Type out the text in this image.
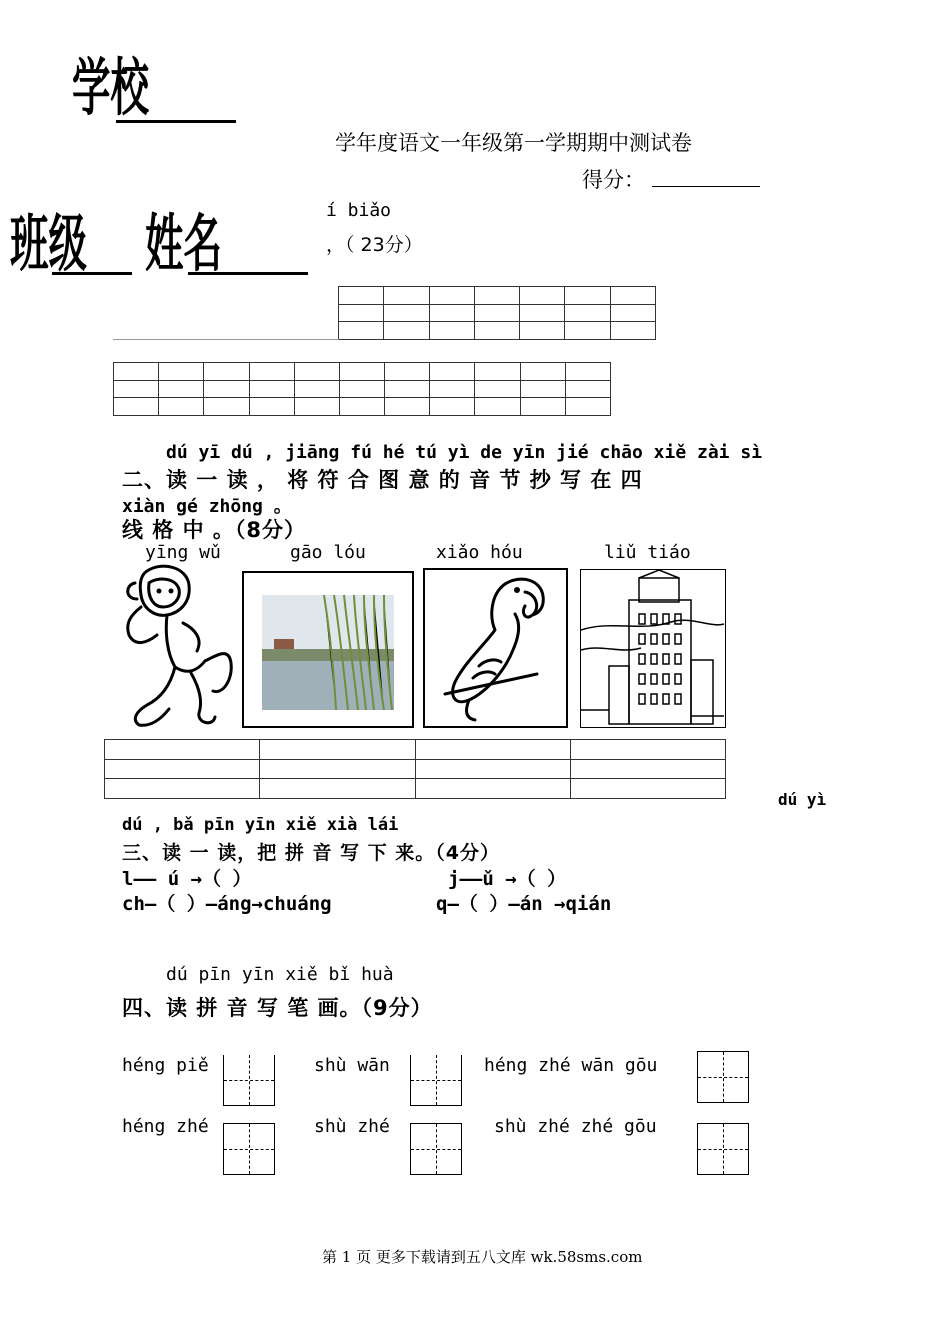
学校
学年度语文一年级第一学期期中测试卷
得分：
班级 姓名	í biǎo
，（ 23分）

dú yī dú , jiāng fú hé tú yì de yīn jié chāo xiě zài sì
二、读 一 读 ， 将 符 合 图 意 的 音 节 抄 写 在 四
xiàn gé zhōng 。
线 格 中 。（8分）
yīng wǔ	gāo lóu	xiǎo hóu	liǔ tiáo

dú yì
dú , bǎ pīn yīn xiě xià lái
三、读 一 读，把 拼 音 写 下 来。（4分）
l—— ú →（ ）	j——ǔ →（ ）
ch—（ ）—áng→chuáng	q—（ ）—án →qián
dú pīn yīn xiě bǐ huà
四、读 拼 音 写 笔 画。（9分）
héng piě	shù wān	héng zhé wān gōu
héng zhé	shù zhé	shù zhé zhé gōu
第 1 页 更多下载请到五八文库 wk.58sms.com
